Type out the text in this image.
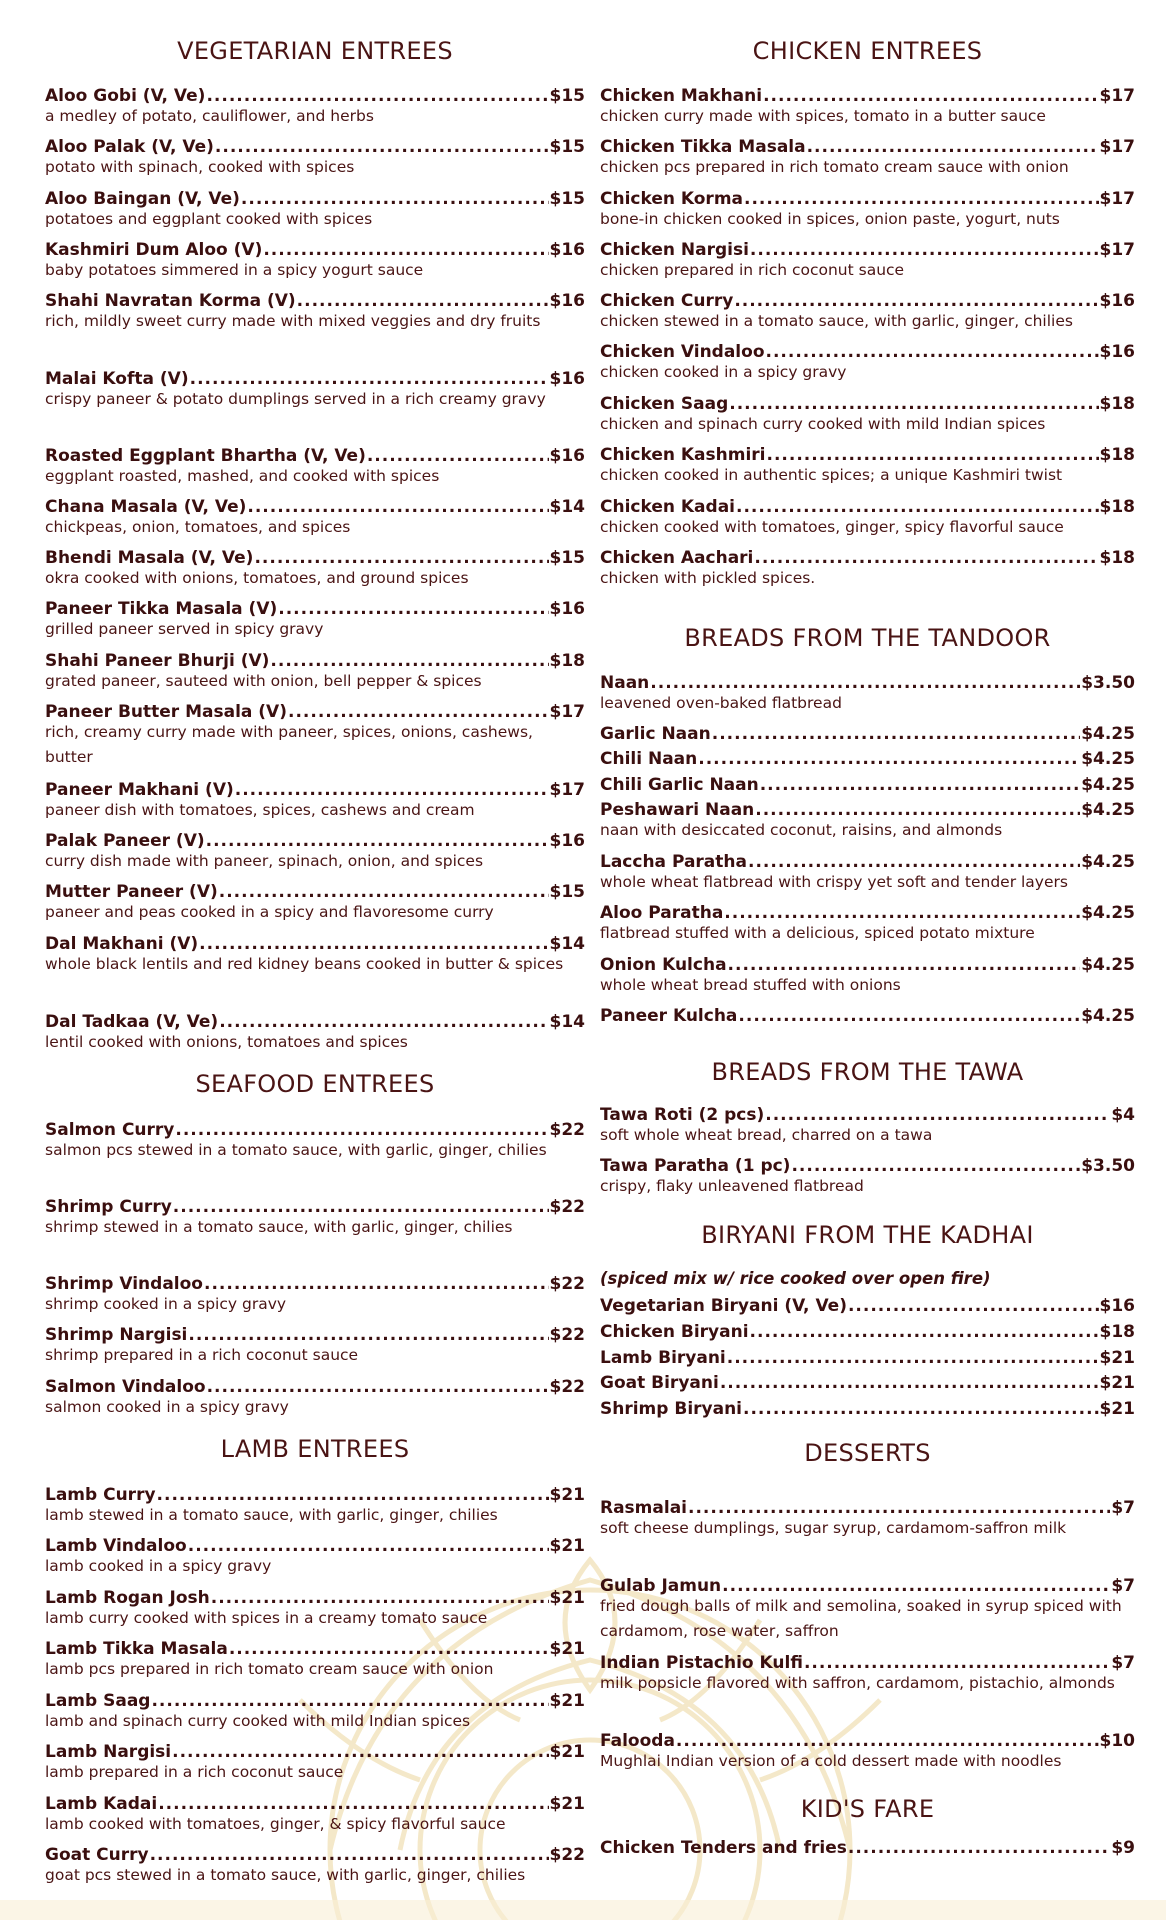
VEGETARIAN ENTREES
Aloo Gobi (V, Ve) .....	$15
a medley of potato, cauliflower, and herbs
Aloo Palak (V, Ve) .....	$15
potato with spinach, cooked with spices
Aloo Baingan (V, Ve) .....	$15
potatoes and eggplant cooked with spices
Kashmiri Dum Aloo (V) .....	$16
baby potatoes simmered in a spicy yogurt sauce
Shahi Navratan Korma (V) .....	$16
rich, mildly sweet curry made with mixed veggies and dry fruits
Malai Kofta (V) .....	$16
crispy paneer & potato dumplings served in a rich creamy gravy
Roasted Eggplant Bhartha (V, Ve) .....	$16
eggplant roasted, mashed, and cooked with spices
Chana Masala (V, Ve) .....	$14
chickpeas, onion, tomatoes, and spices
Bhendi Masala (V, Ve) .....	$15
okra cooked with onions, tomatoes, and ground spices
Paneer Tikka Masala (V) .....	$16
grilled paneer served in spicy gravy
Shahi Paneer Bhurji (V) .....	$18
grated paneer, sauteed with onion, bell pepper & spices
Paneer Butter Masala (V) .....	$17
rich, creamy curry made with paneer, spices, onions, cashews, butter
Paneer Makhani (V) .....	$17
paneer dish with tomatoes, spices, cashews and cream
Palak Paneer (V) .....	$16
curry dish made with paneer, spinach, onion, and spices
Mutter Paneer (V) .....	$15
paneer and peas cooked in a spicy and flavoresome curry
Dal Makhani (V) .....	$14
whole black lentils and red kidney beans cooked in butter & spices
Dal Tadkaa (V, Ve) .....	$14
lentil cooked with onions, tomatoes and spices
SEAFOOD ENTREES
Salmon Curry .....	$22
salmon pcs stewed in a tomato sauce, with garlic, ginger, chilies
Shrimp Curry .....	$22
shrimp stewed in a tomato sauce, with garlic, ginger, chilies
Shrimp Vindaloo .....	$22
shrimp cooked in a spicy gravy
Shrimp Nargisi .....	$22
shrimp prepared in a rich coconut sauce
Salmon Vindaloo .....	$22
salmon cooked in a spicy gravy
LAMB ENTREES
Lamb Curry .....	$21
lamb stewed in a tomato sauce, with garlic, ginger, chilies
Lamb Vindaloo .....	$21
lamb cooked in a spicy gravy
Lamb Rogan Josh .....	$21
lamb curry cooked with spices in a creamy tomato sauce
Lamb Tikka Masala .....	$21
lamb pcs prepared in rich tomato cream sauce with onion
Lamb Saag .....	$21
lamb and spinach curry cooked with mild Indian spices
Lamb Nargisi .....	$21
lamb prepared in a rich coconut sauce
Lamb Kadai .....	$21
lamb cooked with tomatoes, ginger, & spicy flavorful sauce
Goat Curry .....	$22
goat pcs stewed in a tomato sauce, with garlic, ginger, chilies
CHICKEN ENTREES
Chicken Makhani .....	$17
chicken curry made with spices, tomato in a butter sauce
Chicken Tikka Masala .....	$17
chicken pcs prepared in rich tomato cream sauce with onion
Chicken Korma .....	$17
bone-in chicken cooked in spices, onion paste, yogurt, nuts
Chicken Nargisi .....	$17
chicken prepared in rich coconut sauce
Chicken Curry .....	$16
chicken stewed in a tomato sauce, with garlic, ginger, chilies
Chicken Vindaloo .....	$16
chicken cooked in a spicy gravy
Chicken Saag .....	$18
chicken and spinach curry cooked with mild Indian spices
Chicken Kashmiri .....	$18
chicken cooked in authentic spices; a unique Kashmiri twist
Chicken Kadai .....	$18
chicken cooked with tomatoes, ginger, spicy flavorful sauce
Chicken Aachari .....	$18
chicken with pickled spices.
BREADS FROM THE TANDOOR
Naan .....	$3.50
leavened oven-baked flatbread
Garlic Naan .....	$4.25
Chili Naan .....	$4.25
Chili Garlic Naan .....	$4.25
Peshawari Naan .....	$4.25
naan with desiccated coconut, raisins, and almonds
Laccha Paratha .....	$4.25
whole wheat flatbread with crispy yet soft and tender layers
Aloo Paratha .....	$4.25
flatbread stuffed with a delicious, spiced potato mixture
Onion Kulcha .....	$4.25
whole wheat bread stuffed with onions
Paneer Kulcha .....	$4.25
BREADS FROM THE TAWA
Tawa Roti (2 pcs) .....	$4
soft whole wheat bread, charred on a tawa
Tawa Paratha (1 pc) .....	$3.50
crispy, flaky unleavened flatbread
BIRYANI FROM THE KADHAI
(spiced mix w/ rice cooked over open fire)
Vegetarian Biryani (V, Ve) .....	$16
Chicken Biryani .....	$18
Lamb Biryani .....	$21
Goat Biryani .....	$21
Shrimp Biryani .....	$21
DESSERTS
Rasmalai .....	$7
soft cheese dumplings, sugar syrup, cardamom-saffron milk
Gulab Jamun .....	$7
fried dough balls of milk and semolina, soaked in syrup spiced with cardamom, rose water, saffron
Indian Pistachio Kulfi .....	$7
milk popsicle flavored with saffron, cardamom, pistachio, almonds
Falooda .....	$10
Mughlai Indian version of a cold dessert made with noodles
KID'S FARE
Chicken Tenders and fries .....	$9
